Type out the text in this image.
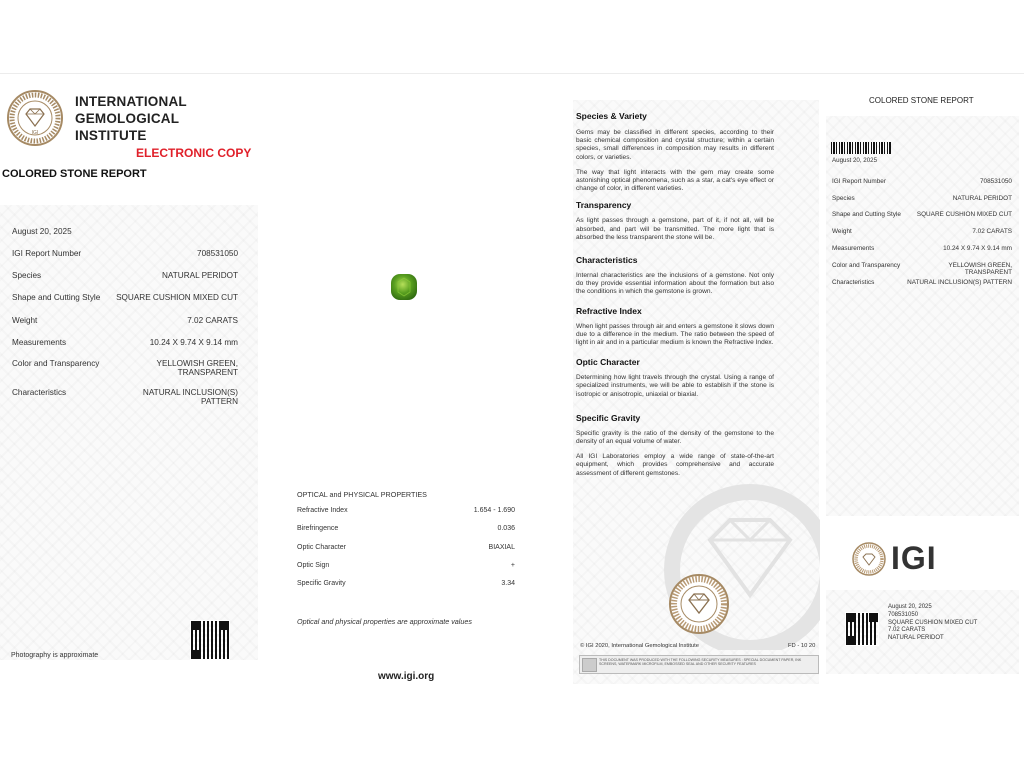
IGI
INTERNATIONAL
GEMOLOGICAL
INSTITUTE
ELECTRONIC COPY
COLORED STONE REPORT
August 20, 2025
IGI Report Number	708531050
Species	NATURAL PERIDOT
Shape and Cutting Style SQUARE CUSHION MIXED CUT
Weight	7.02 CARATS
Measurements	10.24 X 9.74 X 9.14 mm
Color and Transparency	YELLOWISH GREEN,
TRANSPARENT
Characteristics	NATURAL INCLUSION(S)
PATTERN
Photography is approximate
OPTICAL and PHYSICAL PROPERTIES
Refractive Index	1.654 - 1.690
Birefringence	0.036
Optic Character	BIAXIAL
Optic Sign	+
Specific Gravity	3.34
Optical and physical properties are approximate values
www.igi.org
Species & Variety
Gems may be classified in different species, according to their basic chemical composition and crystal structure; within a certain species, small differences in composition may results in different colors, or varieties.
The way that light interacts with the gem may create some astonishing optical phenomena, such as a star, a cat's eye effect or change of color, in different varieties.
Transparency
As light passes through a gemstone, part of it, if not all, will be absorbed, and part will be transmitted. The more light that is absorbed the less transparent the stone will be.
Characteristics
Internal characteristics are the inclusions of a gemstone. Not only do they provide essential information about the formation but also the conditions in which the gemstone is grown.
Refractive Index
When light passes through air and enters a gemstone it slows down due to a difference in the medium. The ratio between the speed of light in air and in a particular medium is known the Refractive Index.
Optic Character
Determining how light travels through the crystal. Using a range of specialized instruments, we will be able to establish if the stone is isotropic or anisotropic, uniaxial or biaxial.
Specific Gravity
Specific gravity is the ratio of the density of the gemstone to the density of an equal volume of water.
All IGI Laboratories employ a wide range of state-of-the-art equipment, which provides comprehensive and accurate assessment of different gemstones.
© IGI 2020, International Gemological Institute	FD - 10 20
THIS DOCUMENT WAS PRODUCED WITH THE FOLLOWING SECURITY MEASURES : SPECIAL DOCUMENT PAPER, INK SCREENS, WATERMARK MICROFILM, EMBOSSED SEAL AND OTHER SECURITY FEATURES
COLORED STONE REPORT
August 20, 2025
IGI Report Number	708531050
Species	NATURAL PERIDOT
Shape and Cutting Style SQUARE CUSHION MIXED CUT
Weight	7.02 CARATS
Measurements	10.24 X 9.74 X 9.14 mm
Color and Transparency	YELLOWISH GREEN,
TRANSPARENT
Characteristics	NATURAL INCLUSION(S) PATTERN
IGI
August 20, 2025
708531050
SQUARE CUSHION MIXED CUT
7.02 CARATS
NATURAL PERIDOT
